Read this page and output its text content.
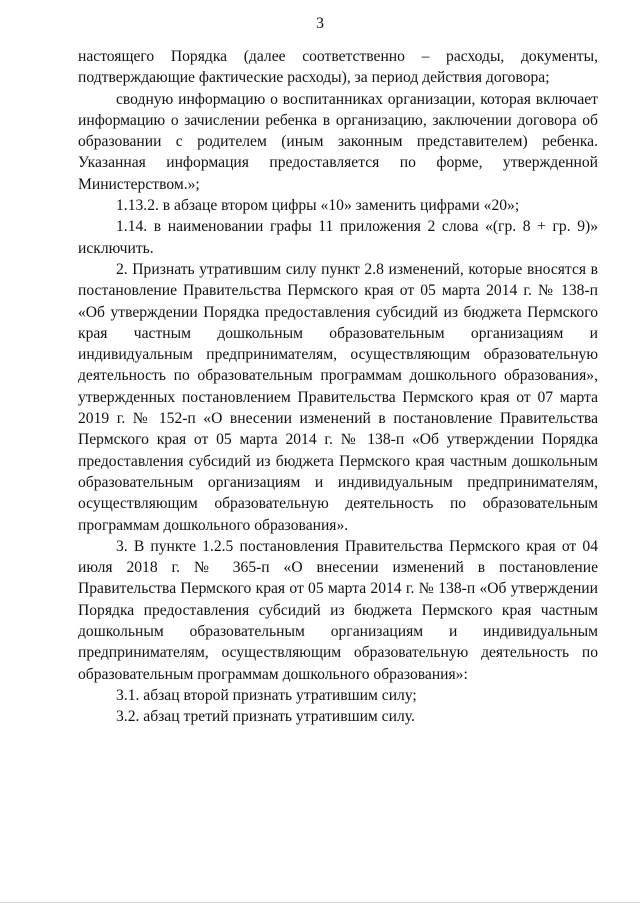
3

настоящего Порядка (далее соответственно – расходы, документы, подтверждающие фактические расходы), за период действия договора;

сводную информацию о воспитанниках организации, которая включает информацию о зачислении ребенка в организацию, заключении договора об образовании с родителем (иным законным представителем) ребенка. Указанная информация предоставляется по форме, утвержденной Министерством.»;

1.13.2. в абзаце втором цифры «10» заменить цифрами «20»;

1.14. в наименовании графы 11 приложения 2 слова «(гр. 8 + гр. 9)» исключить.

2. Признать утратившим силу пункт 2.8 изменений, которые вносятся в постановление Правительства Пермского края от 05 марта 2014 г. № 138-п «Об утверждении Порядка предоставления субсидий из бюджета Пермского края частным дошкольным образовательным организациям и индивидуальным предпринимателям, осуществляющим образовательную деятельность по образовательным программам дошкольного образования», утвержденных постановлением Правительства Пермского края от 07 марта 2019 г. № 152-п «О внесении изменений в постановление Правительства Пермского края от 05 марта 2014 г. № 138-п «Об утверждении Порядка предоставления субсидий из бюджета Пермского края частным дошкольным образовательным организациям и индивидуальным предпринимателям, осуществляющим образовательную деятельность по образовательным программам дошкольного образования».

3. В пункте 1.2.5 постановления Правительства Пермского края от 04 июля 2018 г. № 365-п «О внесении изменений в постановление Правительства Пермского края от 05 марта 2014 г. № 138-п «Об утверждении Порядка предоставления субсидий из бюджета Пермского края частным дошкольным образовательным организациям и индивидуальным предпринимателям, осуществляющим образовательную деятельность по образовательным программам дошкольного образования»:

3.1. абзац второй признать утратившим силу;

3.2. абзац третий признать утратившим силу.
